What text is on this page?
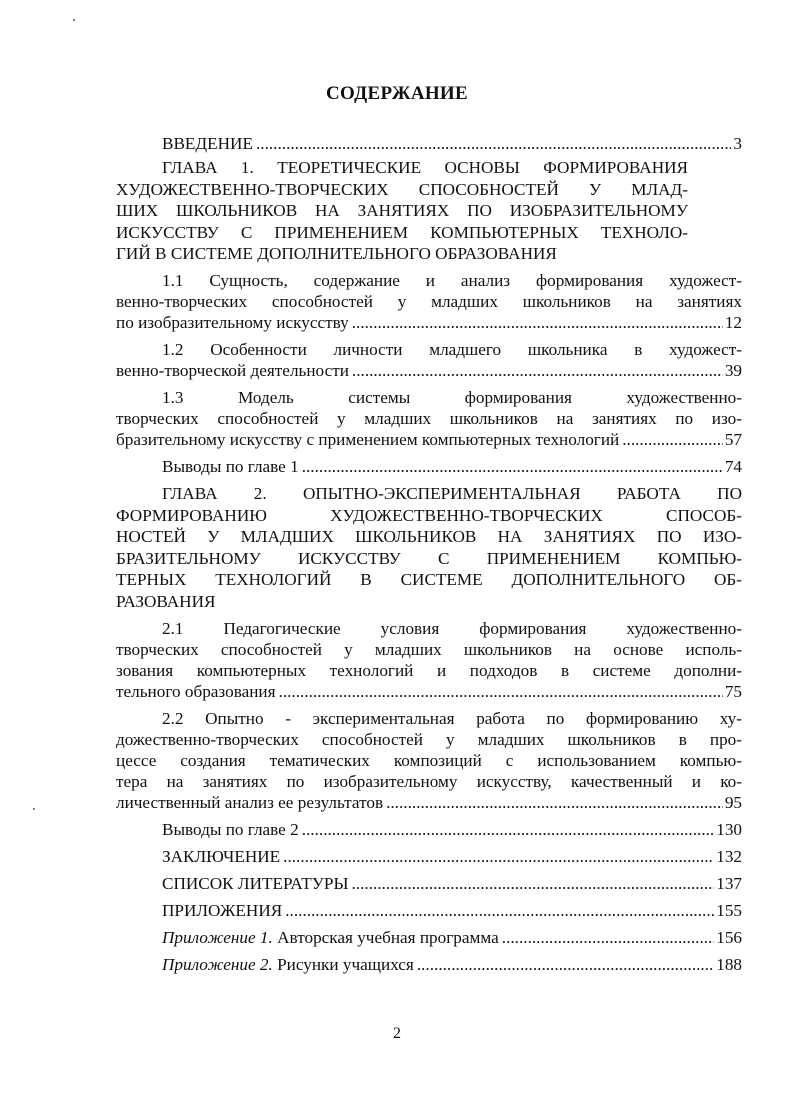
СОДЕРЖАНИЕ
ВВЕДЕНИЕ .....	3
ГЛАВА 1. ТЕОРЕТИЧЕСКИЕ ОСНОВЫ ФОРМИРОВАНИЯ
ХУДОЖЕСТВЕННО-ТВОРЧЕСКИХ СПОСОБНОСТЕЙ У МЛАД-
ШИХ ШКОЛЬНИКОВ НА ЗАНЯТИЯХ ПО ИЗОБРАЗИТЕЛЬНОМУ
ИСКУССТВУ С ПРИМЕНЕНИЕМ КОМПЬЮТЕРНЫХ ТЕХНОЛО-
ГИЙ В СИСТЕМЕ ДОПОЛНИТЕЛЬНОГО ОБРАЗОВАНИЯ
1.1 Сущность, содержание и анализ формирования художест-
венно-творческих способностей у младших школьников на занятиях
по изобразительному искусству .....	12
1.2 Особенности личности младшего школьника в художест-
венно-творческой деятельности .....	39
1.3 Модель системы формирования художественно-
творческих способностей у младших школьников на занятиях по изо-
бразительному искусству с применением компьютерных технологий .....	57
Выводы по главе 1 .....	74
ГЛАВА 2. ОПЫТНО-ЭКСПЕРИМЕНТАЛЬНАЯ РАБОТА ПО
ФОРМИРОВАНИЮ ХУДОЖЕСТВЕННО-ТВОРЧЕСКИХ СПОСОБ-
НОСТЕЙ У МЛАДШИХ ШКОЛЬНИКОВ НА ЗАНЯТИЯХ ПО ИЗО-
БРАЗИТЕЛЬНОМУ ИСКУССТВУ С ПРИМЕНЕНИЕМ КОМПЬЮ-
ТЕРНЫХ ТЕХНОЛОГИЙ В СИСТЕМЕ ДОПОЛНИТЕЛЬНОГО ОБ-
РАЗОВАНИЯ
2.1 Педагогические условия формирования художественно-
творческих способностей у младших школьников на основе исполь-
зования компьютерных технологий и подходов в системе дополни-
тельного образования .....	75
2.2 Опытно - экспериментальная работа по формированию ху-
дожественно-творческих способностей у младших школьников в про-
цессе создания тематических композиций с использованием компью-
тера на занятиях по изобразительному искусству, качественный и ко-
личественный анализ ее результатов .....	95
Выводы по главе 2 .....	130
ЗАКЛЮЧЕНИЕ .....	132
СПИСОК ЛИТЕРАТУРЫ .....	137
ПРИЛОЖЕНИЯ .....	155
Приложение 1. Авторская учебная программа .....	156
Приложение 2. Рисунки учащихся .....	188
2
